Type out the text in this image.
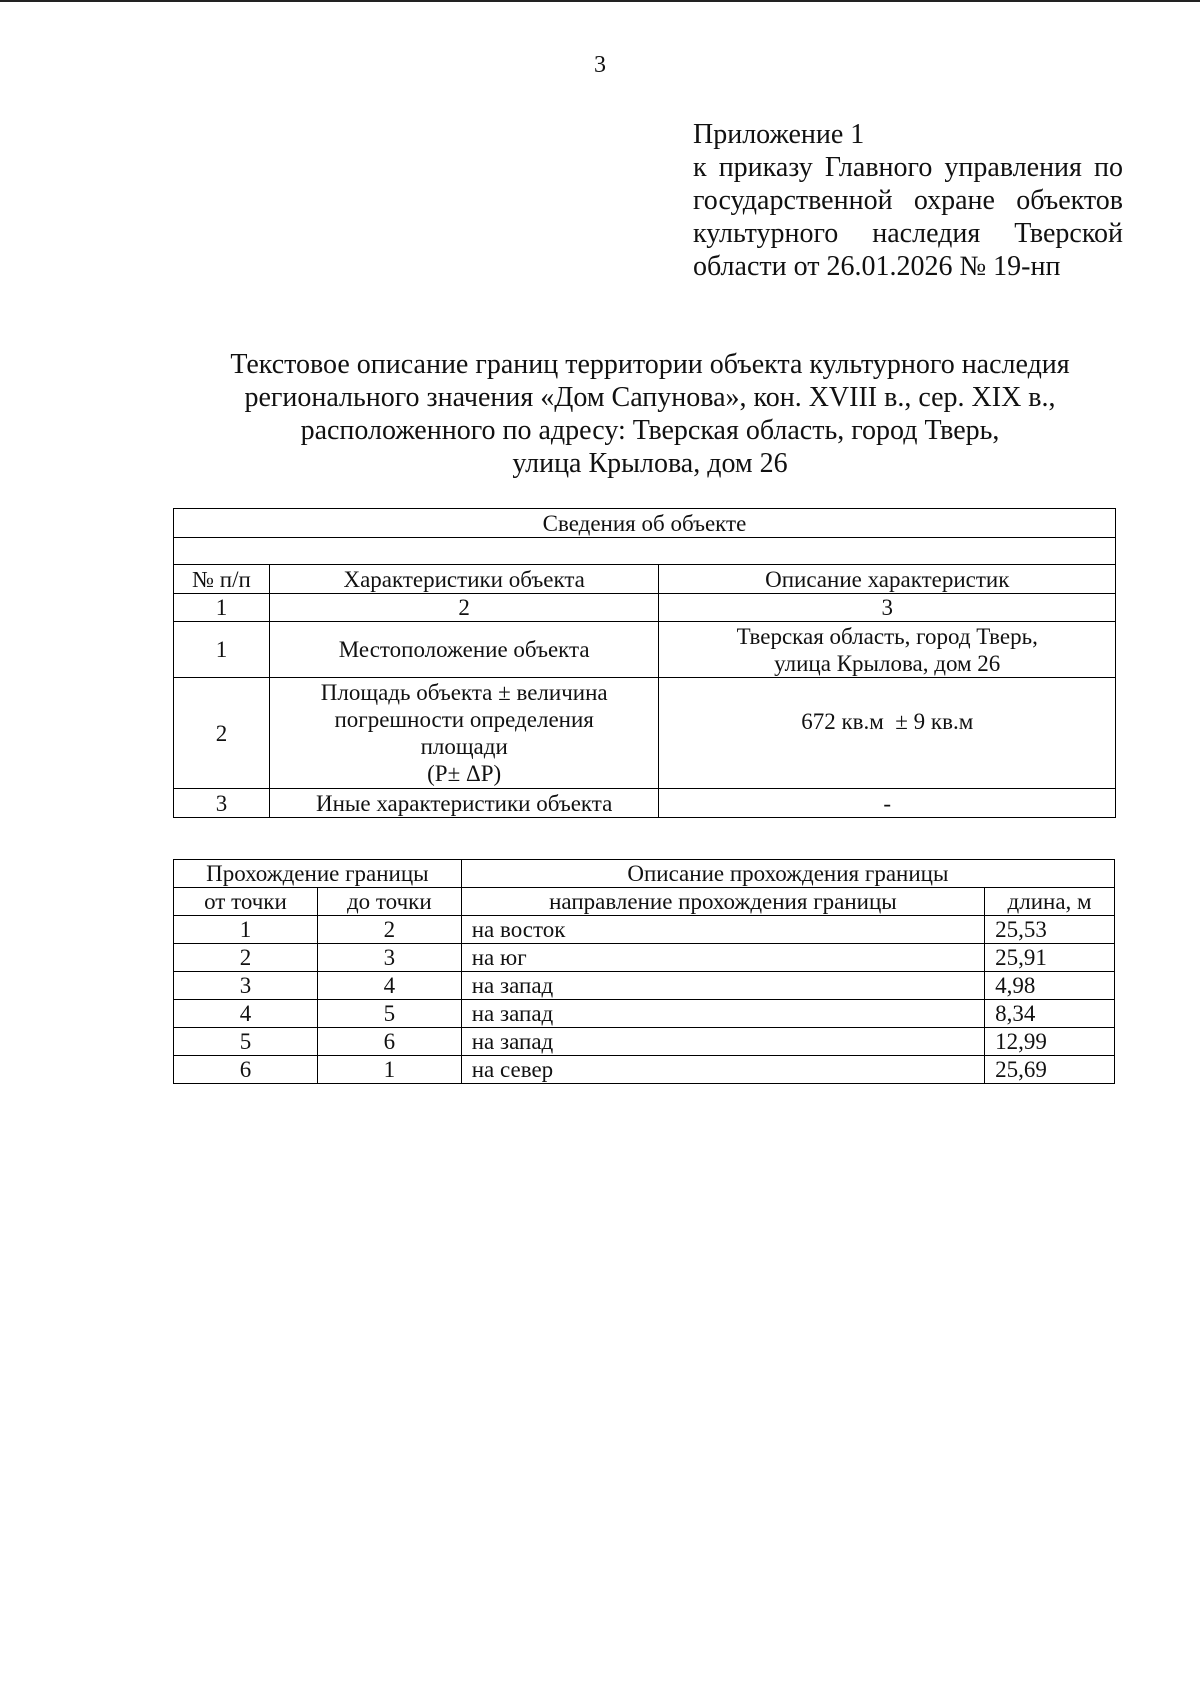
3
Приложение 1
к приказу Главного управления по
государственной охране объектов
культурного наследия Тверской
области от 26.01.2026 № 19-нп
Текстовое описание границ территории объекта культурного наследия
регионального значения «Дом Сапунова», кон. XVIII в., сер. XIX в.,
расположенного по адресу: Тверская область, город Тверь,
улица Крылова, дом 26
Сведения об объекте		

№ п/п	Характеристики объекта	Описание характеристик
1	2	3
1	Местоположение объекта	Тверская область, город Тверь,
улица Крылова, дом 26

2	Площадь объекта ± величина
погрешности определения
площади
(P± ΔP)	672 кв.м  ± 9 кв.м
3	Иные характеристики объекта	-
Прохождение границы		Описание прохождения границы	
от точки	до точки	направление прохождения границы	длина, м
1	2	на восток	25,53
2	3	на юг	25,91
3	4	на запад	4,98
4	5	на запад	8,34
5	6	на запад	12,99
6	1	на север	25,69
